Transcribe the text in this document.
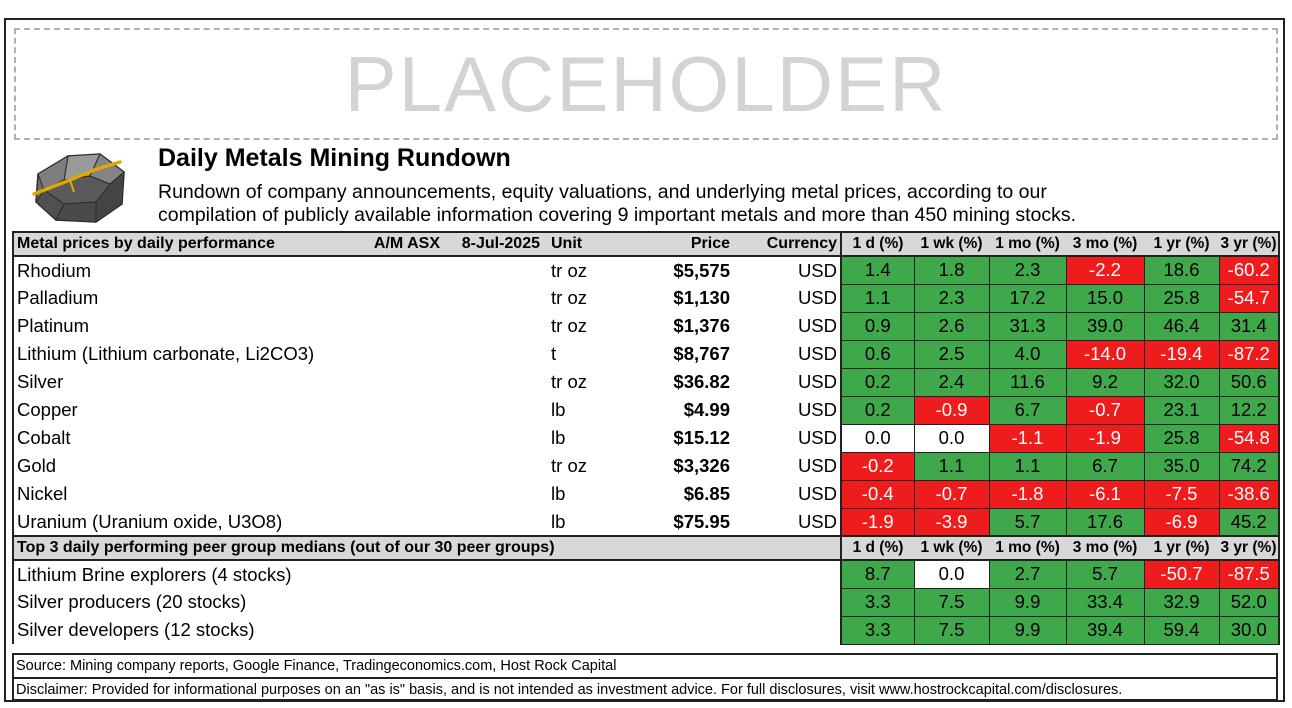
PLACEHOLDER
Daily Metals Mining Rundown
Rundown of company announcements, equity valuations, and underlying metal prices, according to our
compilation of publicly available information covering 9 important metals and more than 450 mining stocks.
Metal prices by daily performance	A/M ASX	8-Jul-2025	Unit	Price	Currency	1 d (%)	1 wk (%)	1 mo (%)	3 mo (%)	1 yr (%)	3 yr (%)
Rhodium			tr oz	$5,575	USD	1.4	1.8	2.3	-2.2	18.6	-60.2
Palladium			tr oz	$1,130	USD	1.1	2.3	17.2	15.0	25.8	-54.7
Platinum			tr oz	$1,376	USD	0.9	2.6	31.3	39.0	46.4	31.4
Lithium (Lithium carbonate, Li2CO3)			t	$8,767	USD	0.6	2.5	4.0	-14.0	-19.4	-87.2
Silver			tr oz	$36.82	USD	0.2	2.4	11.6	9.2	32.0	50.6
Copper			lb	$4.99	USD	0.2	-0.9	6.7	-0.7	23.1	12.2
Cobalt			lb	$15.12	USD	0.0	0.0	-1.1	-1.9	25.8	-54.8
Gold			tr oz	$3,326	USD	-0.2	1.1	1.1	6.7	35.0	74.2
Nickel			lb	$6.85	USD	-0.4	-0.7	-1.8	-6.1	-7.5	-38.6
Uranium (Uranium oxide, U3O8)			lb	$75.95	USD	-1.9	-3.9	5.7	17.6	-6.9	45.2
Top 3 daily performing peer group medians (out of our 30 peer groups)						1 d (%)	1 wk (%)	1 mo (%)	3 mo (%)	1 yr (%)	3 yr (%)
Lithium Brine explorers (4 stocks)						8.7	0.0	2.7	5.7	-50.7	-87.5
Silver producers (20 stocks)						3.3	7.5	9.9	33.4	32.9	52.0
Silver developers (12 stocks)						3.3	7.5	9.9	39.4	59.4	30.0
Source: Mining company reports, Google Finance, Tradingeconomics.com, Host Rock Capital
Disclaimer: Provided for informational purposes on an "as is" basis, and is not intended as investment advice. For full disclosures, visit www.hostrockcapital.com/disclosures.
